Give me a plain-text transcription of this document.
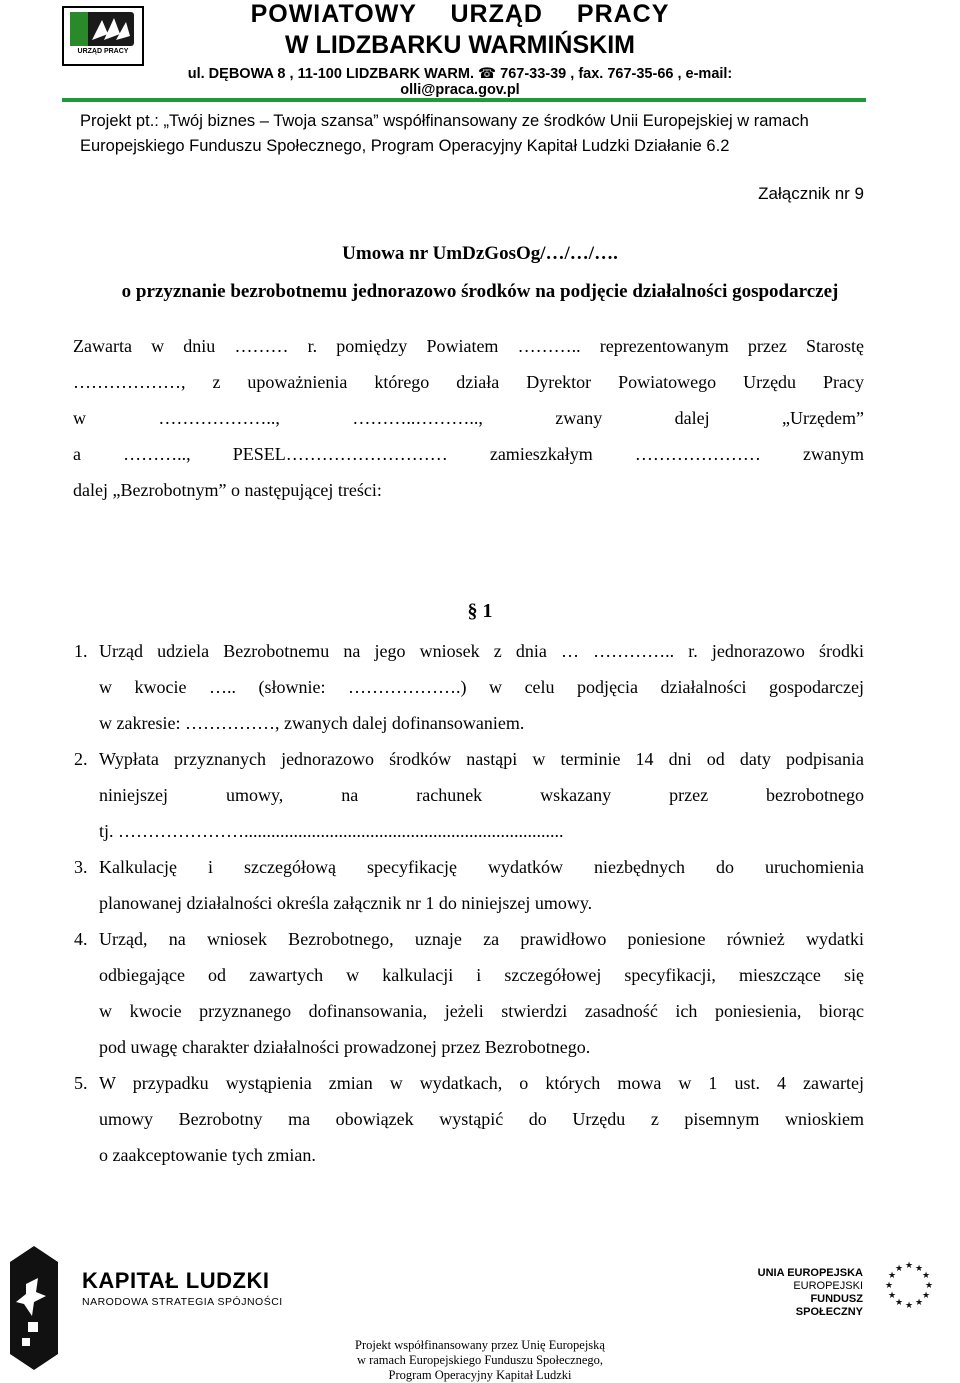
URZĄD PRACY
POWIATOWY URZĄD PRACY
W LIDZBARKU WARMIŃSKIM
ul. DĘBOWA 8 , 11-100 LIDZBARK WARM. ☎ 767-33-39 , fax. 767-35-66 , e-mail: olli@praca.gov.pl
Projekt pt.: „Twój biznes – Twoja szansa” współfinansowany ze środków Unii Europejskiej w ramach
Europejskiego Funduszu Społecznego, Program Operacyjny Kapitał Ludzki Działanie 6.2
Załącznik nr 9
Umowa nr UmDzGosOg/…/…/….
o przyznanie bezrobotnemu jednorazowo środków na podjęcie działalności gospodarczej
Zawarta w dniu ……… r. pomiędzy Powiatem ……….. reprezentowanym przez Starostę
………………, z upoważnienia którego działa Dyrektor Powiatowego Urzędu Pracy
w ……………….., ………..……….., zwany dalej „Urzędem”
a ……….., PESEL……………………… zamieszkałym ………………… zwanym
dalej „Bezrobotnym” o następującej treści:
§ 1
1. Urząd udziela Bezrobotnemu na jego wniosek z dnia … ………….. r. jednorazowo środki
w kwocie ….. (słownie: ……………….) w celu podjęcia działalności gospodarczej
w zakresie: ……………, zwanych dalej dofinansowaniem.
2. Wypłata przyznanych jednorazowo środków nastąpi w terminie 14 dni od daty podpisania
niniejszej umowy, na rachunek wskazany przez bezrobotnego
tj. ………………….......................................................................
3. Kalkulację i szczegółową specyfikację wydatków niezbędnych do uruchomienia
planowanej działalności określa załącznik nr 1 do niniejszej umowy.
4. Urząd, na wniosek Bezrobotnego, uznaje za prawidłowo poniesione również wydatki
odbiegające od zawartych w kalkulacji i szczegółowej specyfikacji, mieszczące się
w kwocie przyznanego dofinansowania, jeżeli stwierdzi zasadność ich poniesienia, biorąc
pod uwagę charakter działalności prowadzonej przez Bezrobotnego.
5. W przypadku wystąpienia zmian w wydatkach, o których mowa w 1 ust. 4 zawartej
umowy Bezrobotny ma obowiązek wystąpić do Urzędu z pisemnym wnioskiem
o zaakceptowanie tych zmian.
KAPITAŁ LUDZKI
NARODOWA STRATEGIA SPÓJNOŚCI
UNIA EUROPEJSKA
EUROPEJSKI
FUNDUSZ SPOŁECZNY
★ ★
★
★
★
★
★
★
★
★
★
★
Projekt współfinansowany przez Unię Europejską
w ramach Europejskiego Funduszu Społecznego,
Program Operacyjny Kapitał Ludzki
